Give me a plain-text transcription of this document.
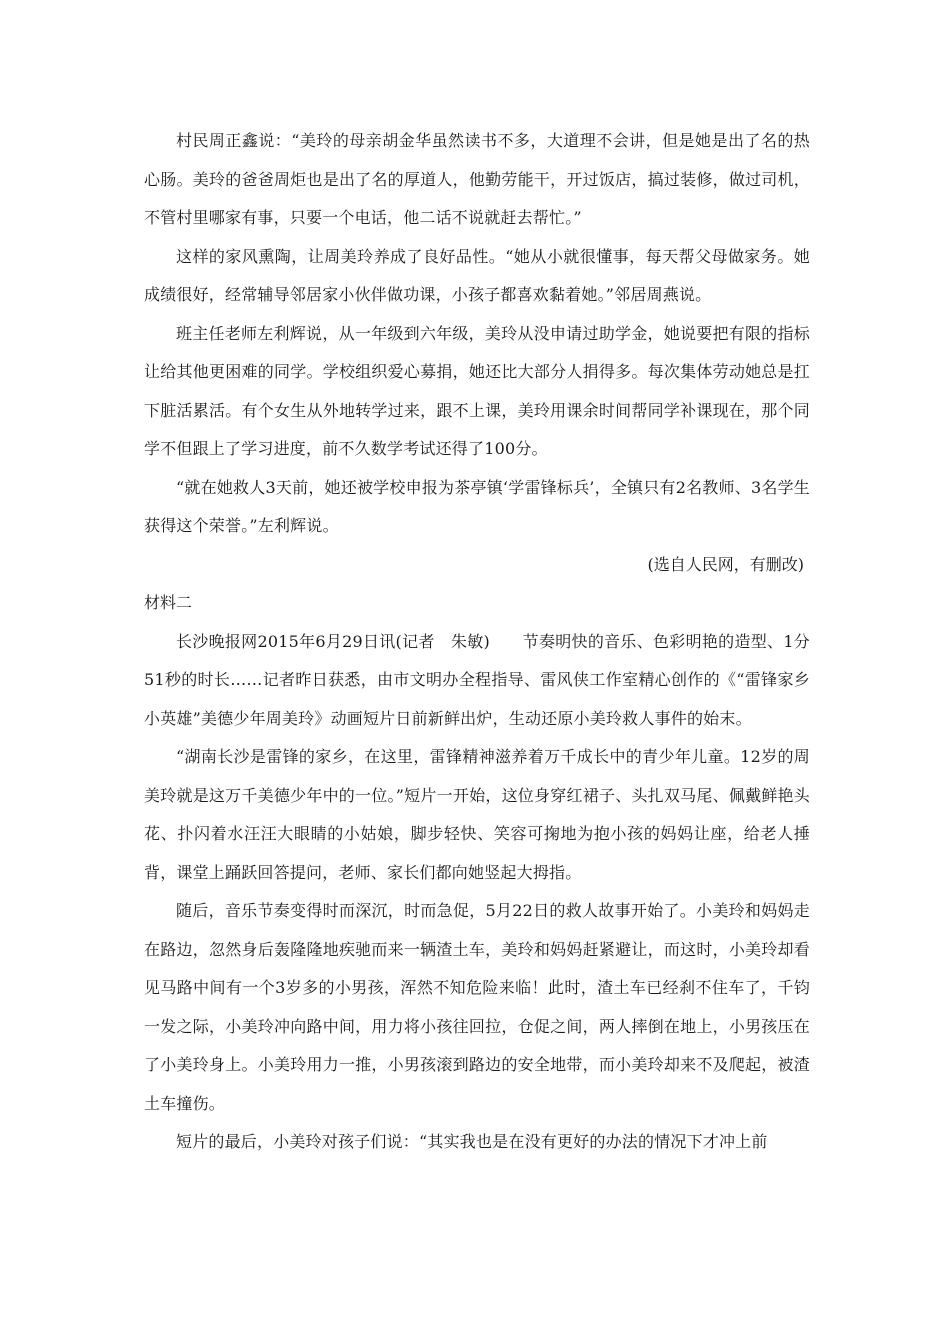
村民周正鑫说：“美玲的母亲胡金华虽然读书不多，大道理不会讲，但是她是出了名的热心肠。美玲的爸爸周炬也是出了名的厚道人，他勤劳能干，开过饭店，搞过装修，做过司机，不管村里哪家有事，只要一个电话，他二话不说就赶去帮忙。”

这样的家风熏陶，让周美玲养成了良好品性。“她从小就很懂事，每天帮父母做家务。她成绩很好，经常辅导邻居家小伙伴做功课，小孩子都喜欢黏着她。”邻居周燕说。

班主任老师左利辉说，从一年级到六年级，美玲从没申请过助学金，她说要把有限的指标让给其他更困难的同学。学校组织爱心募捐，她还比大部分人捐得多。每次集体劳动她总是扛下脏活累活。有个女生从外地转学过来，跟不上课，美玲用课余时间帮同学补课现在，那个同学不但跟上了学习进度，前不久数学考试还得了100分。

“就在她救人3天前，她还被学校申报为茶亭镇‘学雷锋标兵’，全镇只有2名教师、3名学生获得这个荣誉。”左利辉说。

(选自人民网，有删改)

材料二

长沙晚报网2015年6月29日讯(记者　朱敏)　　节奏明快的音乐、色彩明艳的造型、1分51秒的时长……记者昨日获悉，由市文明办全程指导、雷风侠工作室精心创作的《“雷锋家乡小英雄”美德少年周美玲》动画短片日前新鲜出炉，生动还原小美玲救人事件的始末。

“湖南长沙是雷锋的家乡，在这里，雷锋精神滋养着万千成长中的青少年儿童。12岁的周美玲就是这万千美德少年中的一位。”短片一开始，这位身穿红裙子、头扎双马尾、佩戴鲜艳头花、扑闪着水汪汪大眼睛的小姑娘，脚步轻快、笑容可掬地为抱小孩的妈妈让座，给老人捶背，课堂上踊跃回答提问，老师、家长们都向她竖起大拇指。

随后，音乐节奏变得时而深沉，时而急促，5月22日的救人故事开始了。小美玲和妈妈走在路边，忽然身后轰隆隆地疾驰而来一辆渣土车，美玲和妈妈赶紧避让，而这时，小美玲却看见马路中间有一个3岁多的小男孩，浑然不知危险来临！此时，渣土车已经刹不住车了，千钧一发之际，小美玲冲向路中间，用力将小孩往回拉，仓促之间，两人摔倒在地上，小男孩压在了小美玲身上。小美玲用力一推，小男孩滚到路边的安全地带，而小美玲却来不及爬起，被渣土车撞伤。

短片的最后，小美玲对孩子们说：“其实我也是在没有更好的办法的情况下才冲上前
